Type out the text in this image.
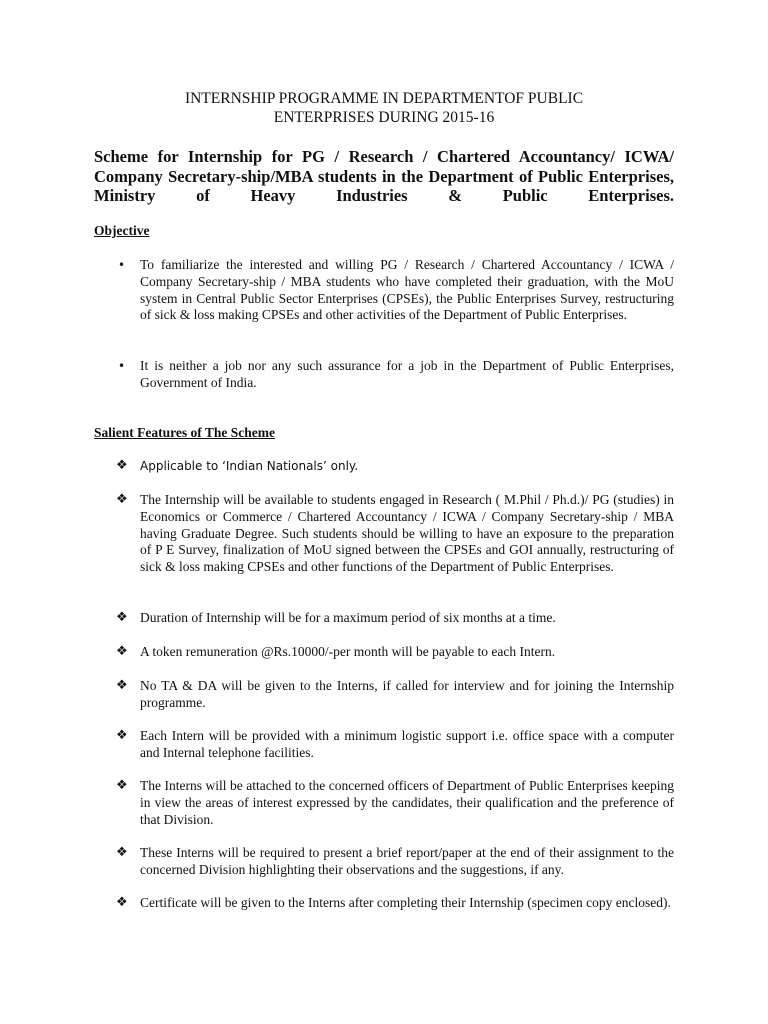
INTERNSHIP PROGRAMME IN DEPARTMENTOF PUBLIC
ENTERPRISES DURING 2015-16

Scheme for Internship for PG / Research / Chartered Accountancy/ ICWA/ Company Secretary-ship/MBA students in the Department of Public Enterprises, Ministry of Heavy Industries & Public Enterprises.

Objective

• To familiarize the interested and willing PG / Research / Chartered Accountancy / ICWA / Company Secretary-ship / MBA students who have completed their graduation, with the MoU system in Central Public Sector Enterprises (CPSEs), the Public Enterprises Survey, restructuring of sick & loss making CPSEs and other activities of the Department of Public Enterprises.
• It is neither a job nor any such assurance for a job in the Department of Public Enterprises, Government of India.

Salient Features of The Scheme

❖ Applicable to ‘Indian Nationals’ only.
❖ The Internship will be available to students engaged in Research ( M.Phil / Ph.d.)/ PG (studies) in Economics or Commerce / Chartered Accountancy / ICWA / Company Secretary-ship / MBA having Graduate Degree. Such students should be willing to have an exposure to the preparation of P E Survey, finalization of MoU signed between the CPSEs and GOI annually, restructuring of sick & loss making CPSEs and other functions of the Department of Public Enterprises.
❖ Duration of Internship will be for a maximum period of six months at a time.
❖ A token remuneration @Rs.10000/-per month will be payable to each Intern.
❖ No TA & DA will be given to the Interns, if called for interview and for joining the Internship programme.
❖ Each Intern will be provided with a minimum logistic support i.e. office space with a computer and Internal telephone facilities.
❖ The Interns will be attached to the concerned officers of Department of Public Enterprises keeping in view the areas of interest expressed by the candidates, their qualification and the preference of that Division.
❖ These Interns will be required to present a brief report/paper at the end of their assignment to the concerned Division highlighting their observations and the suggestions, if any.
❖ Certificate will be given to the Interns after completing their Internship (specimen copy enclosed).
